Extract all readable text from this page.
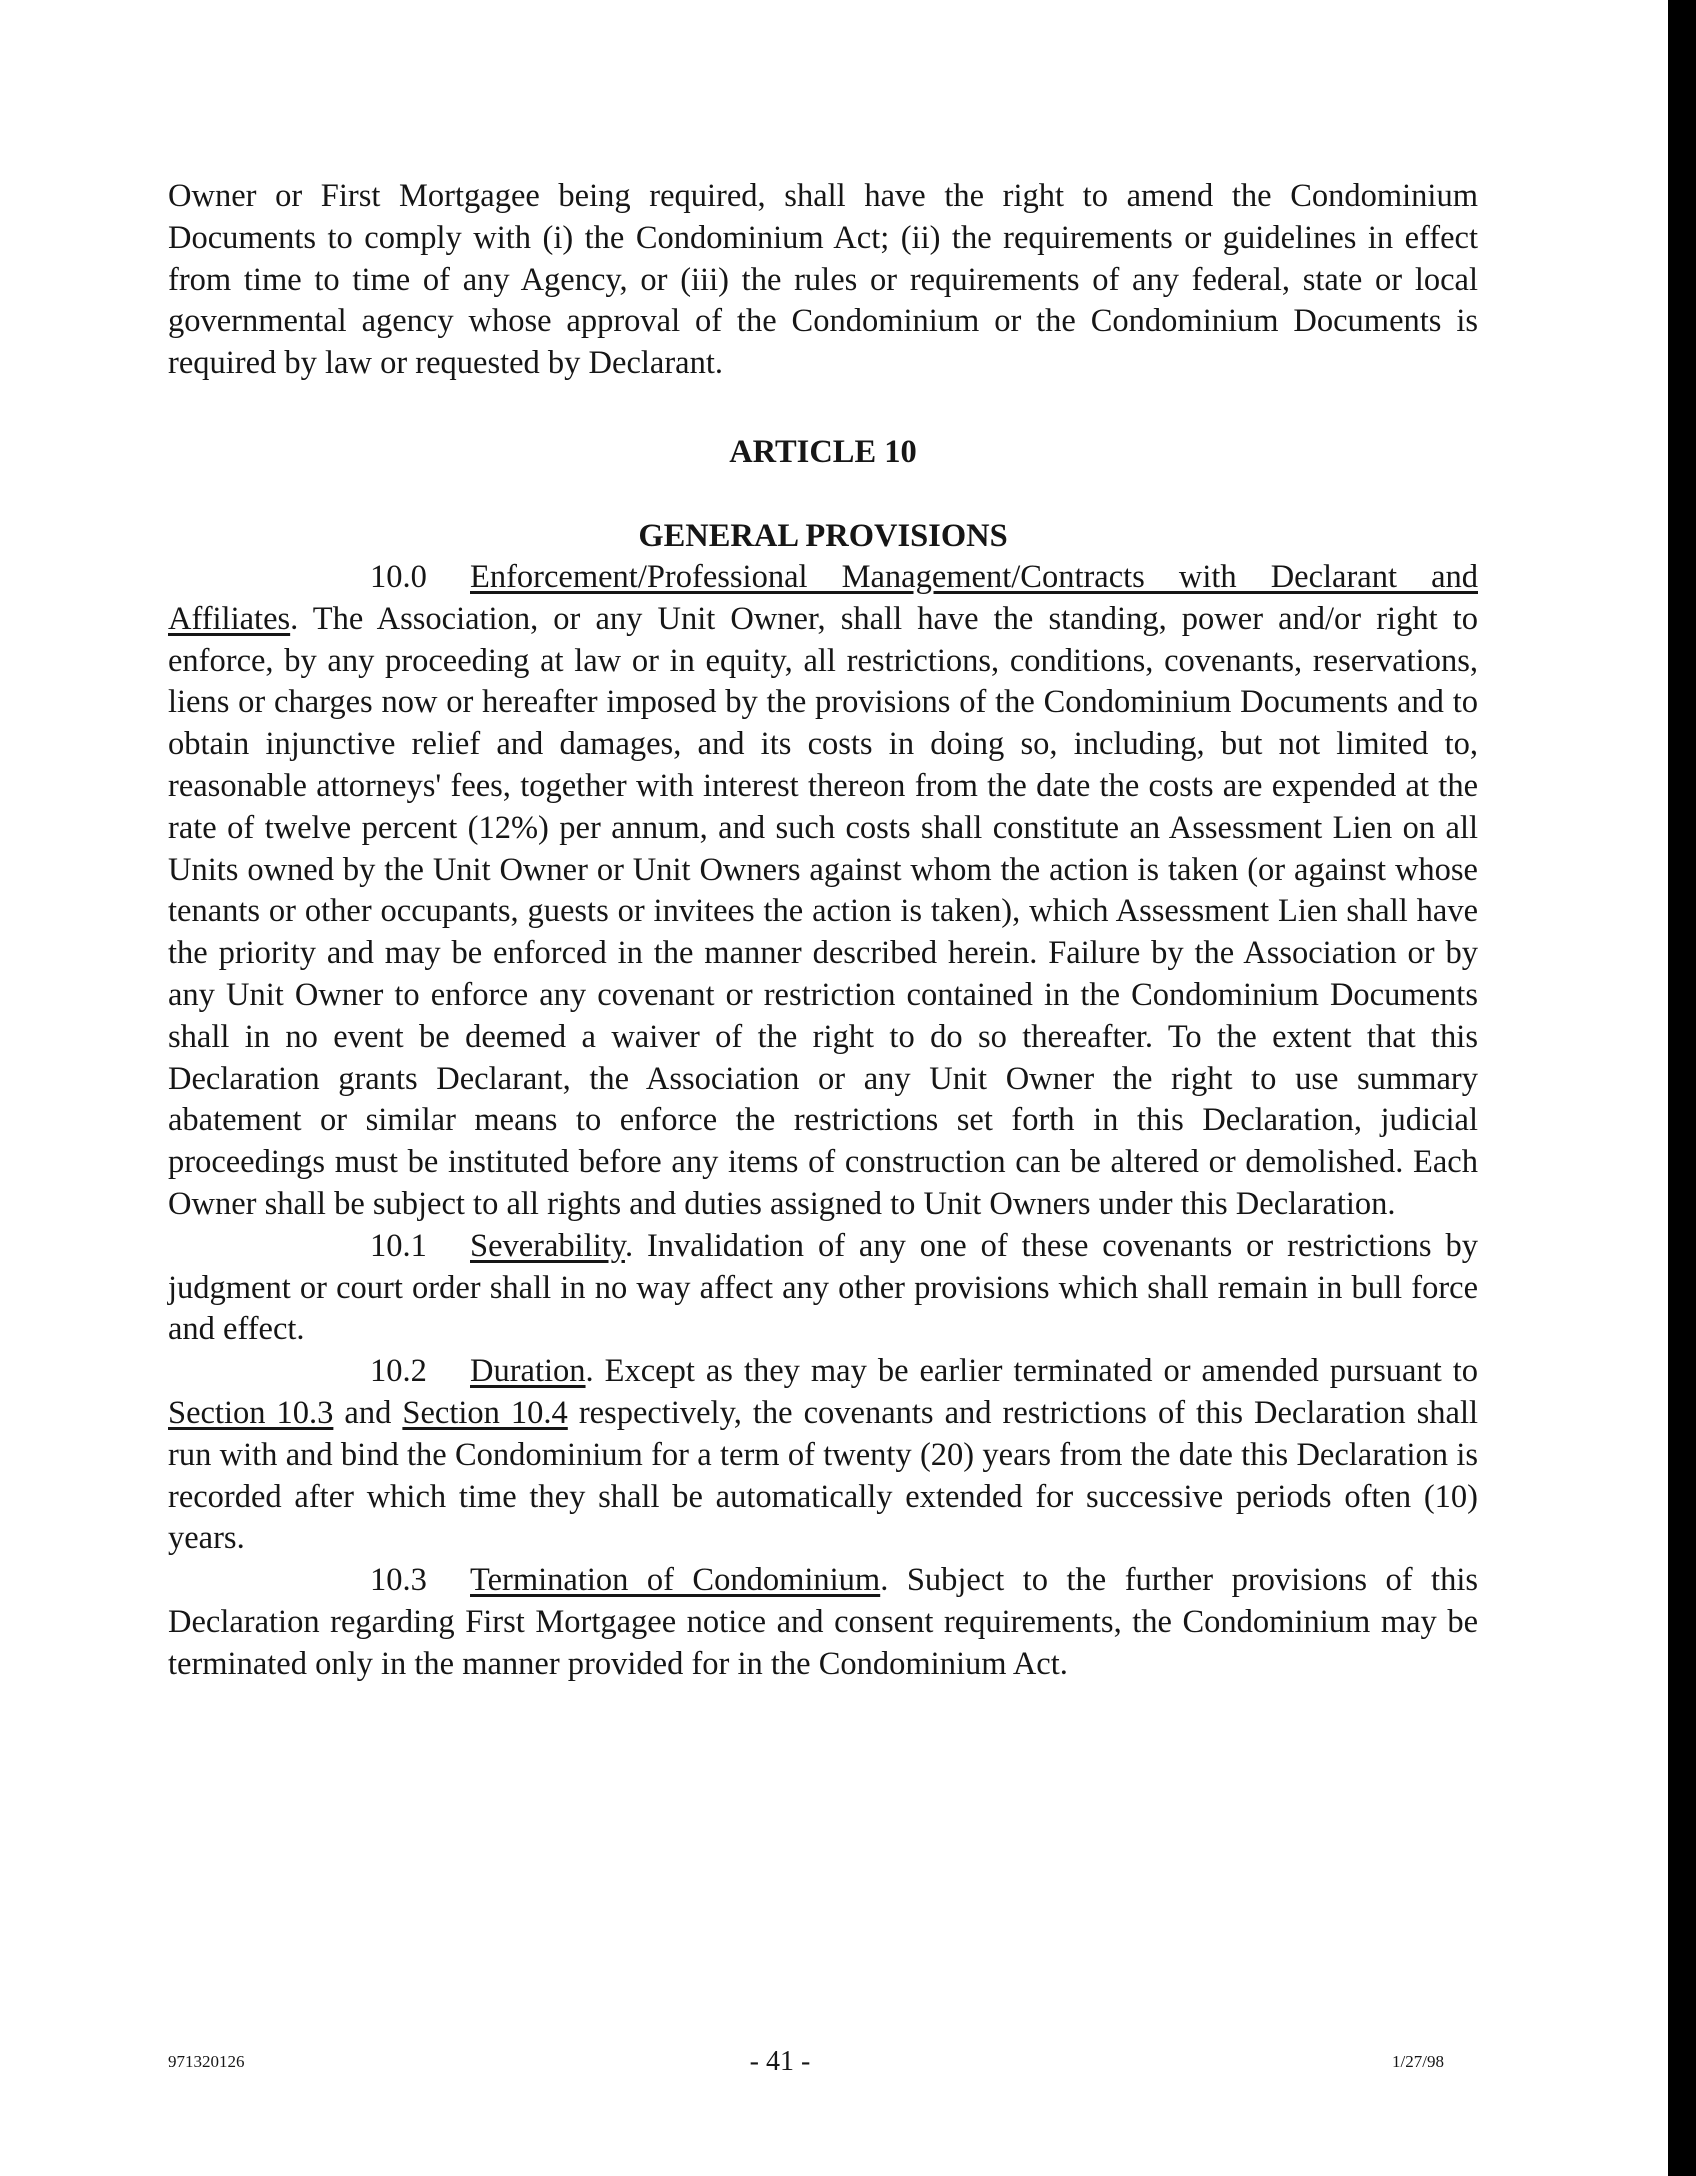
Owner or First Mortgagee being required, shall have the right to amend the Condominium Documents to comply with (i) the Condominium Act; (ii) the requirements or guidelines in effect from time to time of any Agency, or (iii) the rules or requirements of any federal, state or local governmental agency whose approval of the Condominium or the Condominium Documents is required by law or requested by Declarant.

ARTICLE 10
GENERAL PROVISIONS

10.0 Enforcement/Professional Management/Contracts with Declarant and Affiliates. The Association, or any Unit Owner, shall have the standing, power and/or right to enforce, by any proceeding at law or in equity, all restrictions, conditions, covenants, reservations, liens or charges now or hereafter imposed by the provisions of the Condominium Documents and to obtain injunctive relief and damages, and its costs in doing so, including, but not limited to, reasonable attorneys' fees, together with interest thereon from the date the costs are expended at the rate of twelve percent (12%) per annum, and such costs shall constitute an Assessment Lien on all Units owned by the Unit Owner or Unit Owners against whom the action is taken (or against whose tenants or other occupants, guests or invitees the action is taken), which Assessment Lien shall have the priority and may be enforced in the manner described herein. Failure by the Association or by any Unit Owner to enforce any covenant or restriction contained in the Condominium Documents shall in no event be deemed a waiver of the right to do so thereafter. To the extent that this Declaration grants Declarant, the Association or any Unit Owner the right to use summary abatement or similar means to enforce the restrictions set forth in this Declaration, judicial proceedings must be instituted before any items of construction can be altered or demolished. Each Owner shall be subject to all rights and duties assigned to Unit Owners under this Declaration.

10.1 Severability. Invalidation of any one of these covenants or restrictions by judgment or court order shall in no way affect any other provisions which shall remain in bull force and effect.

10.2 Duration. Except as they may be earlier terminated or amended pursuant to Section 10.3 and Section 10.4 respectively, the covenants and restrictions of this Declaration shall run with and bind the Condominium for a term of twenty (20) years from the date this Declaration is recorded after which time they shall be automatically extended for successive periods often (10) years.

10.3 Termination of Condominium. Subject to the further provisions of this Declaration regarding First Mortgagee notice and consent requirements, the Condominium may be terminated only in the manner provided for in the Condominium Act.

971320126	- 41 -	1/27/98
